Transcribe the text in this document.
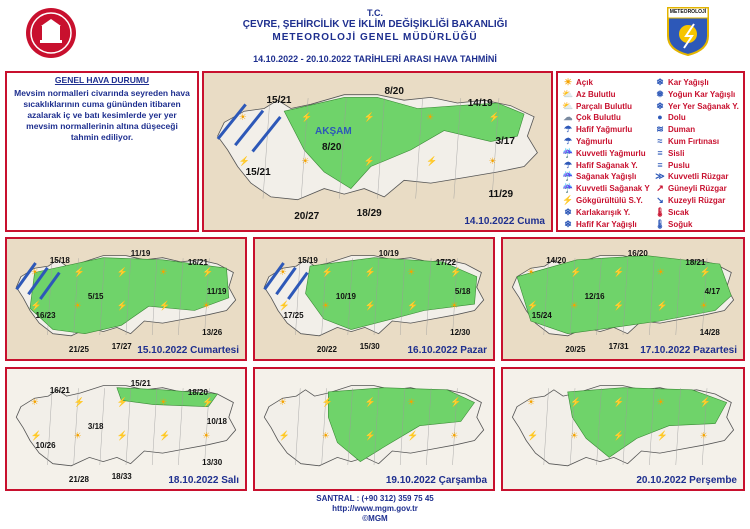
T.C.
ÇEVRE, ŞEHİRCİLİK VE İKLİM DEĞİŞİKLİĞİ BAKANLIĞI
METEOROLOJİ GENEL MÜDÜRLÜĞÜ
14.10.2022 - 20.10.2022 TARİHLERİ ARASI HAVA TAHMİNİ
METEOROLOJİ
GENEL HAVA DURUMU
Mevsim normalleri civarında seyreden hava sıcaklıklarının cuma gününden itibaren azalarak iç ve batı kesimlerde yer yer mevsim normallerinin altına düşeceği tahmin ediliyor.
☀ Açık
⛅ Az Bulutlu
⛅ Parçalı Bulutlu
☁ Çok Bulutlu
☂ Hafif Yağmurlu
☂ Yağmurlu
☔ Kuvvetli Yağmurlu
☂ Hafif Sağanak Y.
☔ Sağanak Yağışlı
☔ Kuvvetli Sağanak Y
⚡ Gökgürültülü S.Y.
❄ Karlakarışık Y.
❄ Hafif Kar Yağışlı
❄ Kar Yağışlı
❅ Yoğun Kar Yağışlı
❄ Yer Yer Sağanak Y.
● Dolu
≋ Duman
≈ Kum Fırtınası
≡ Sisli
≡ Puslu
≫ Kuvvetli Rüzgar
↗ Güneyli Rüzgar
↘ Kuzeyli Rüzgar
🌡 Sıcak
🌡 Soğuk
☀	⚡	⚡	☀	⚡
⚡	☀	⚡	⚡	☀
15/21
8/20
14/19
8/20
3/17
15/21
11/29
20/27	18/29
AKŞAM
14.10.2022 Cuma
☀	⚡	⚡	☀	⚡
⚡	☀	⚡	⚡	☀
15/18
11/19
16/21
5/15
11/19
16/23
13/26
21/25	17/27 15.10.2022 Cumartesi
☀	⚡	⚡	☀	⚡
⚡	☀	⚡	⚡	☀
15/19
10/19
17/22
10/19
5/18
17/25
12/30
20/22	15/30	16.10.2022 Pazar
☀	⚡	⚡	☀	⚡
⚡	☀	⚡	⚡	☀
14/20
16/20
18/21
12/16
4/17
15/24
14/28
20/25	17/31 17.10.2022 Pazartesi
☀	⚡	⚡	☀	⚡
⚡	☀	⚡	⚡	☀
16/21
15/21
18/20
3/18
10/18
10/26
13/30
21/28	18/33	18.10.2022 Salı
☀	⚡	⚡	☀	⚡
⚡	☀	⚡	⚡	☀
19.10.2022 Çarşamba
☀	⚡	⚡	☀	⚡
⚡	☀	⚡	⚡	☀
20.10.2022 Perşembe
SANTRAL : (+90 312) 359 75 45
http://www.mgm.gov.tr
©MGM
